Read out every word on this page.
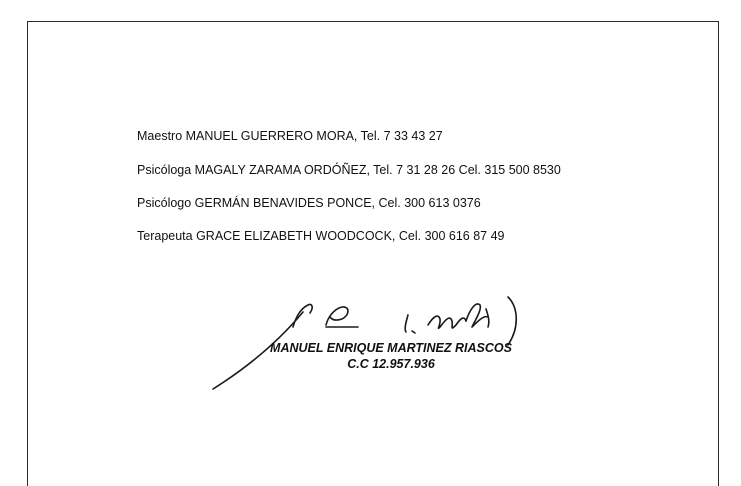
Maestro MANUEL GUERRERO MORA, Tel. 7 33 43 27
Psicóloga MAGALY ZARAMA ORDÓÑEZ, Tel. 7 31 28 26 Cel. 315 500 8530
Psicólogo GERMÁN BENAVIDES PONCE, Cel. 300 613 0376
Terapeuta GRACE ELIZABETH WOODCOCK, Cel. 300 616 87 49
MANUEL ENRIQUE MARTINEZ RIASCOS
C.C 12.957.936
